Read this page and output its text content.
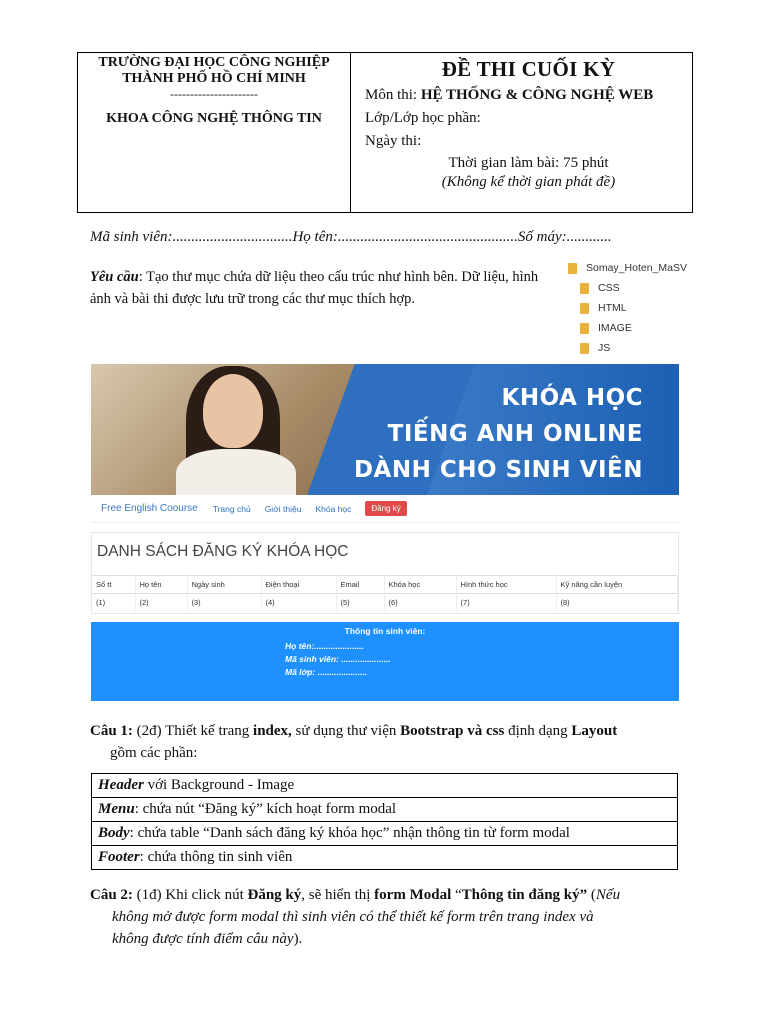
TRƯỜNG ĐẠI HỌC CÔNG NGHIỆP
THÀNH PHỐ HỒ CHÍ MINH
----------------------
KHOA CÔNG NGHỆ THÔNG TIN
ĐỀ THI CUỐI KỲ
Môn thi: HỆ THỐNG & CÔNG NGHỆ WEB
Lớp/Lớp học phần:
Ngày thi:
Thời gian làm bài: 75 phút
(Không kể thời gian phát đề)
Mã sinh viên:................................Họ tên:................................................Số máy:............
Yêu cầu: Tạo thư mục chứa dữ liệu theo cấu trúc như hình bên. Dữ liệu, hình ảnh và bài thi được lưu trữ trong các thư mục thích hợp.
Somay_Hoten_MaSV
CSS
HTML
IMAGE
JS
KHÓA HỌC
TIẾNG ANH ONLINE
DÀNH CHO SINH VIÊN
Free English Coourse Trang chủ Giới thiệu Khóa học	Đăng ký
DANH SÁCH ĐĂNG KÝ KHÓA HỌC
Số tt	Họ tên	Ngày sinh	Điện thoại	Email	Khóa học	Hình thức học	Kỹ năng cần luyện
(1)	(2)	(3)	(4)	(5)	(6)	(7)	(8)
Thông tin sinh viên:
Họ tên:.....................
Mã sinh viên: .....................
Mã lớp: .....................
Câu 1: (2đ) Thiết kế trang index, sử dụng thư viện Bootstrap và css định dạng Layout
gồm các phần:
Header với Background - Image
Menu: chứa nút “Đăng ký” kích hoạt form modal
Body: chứa table “Danh sách đăng ký khóa học” nhận thông tin từ form modal
Footer: chứa thông tin sinh viên
Câu 2: (1đ) Khi click nút Đăng ký, sẽ hiển thị form Modal “Thông tin đăng ký” (Nếu
không mở được form modal thì sinh viên có thể thiết kế form trên trang index và
không được tính điểm câu này).
